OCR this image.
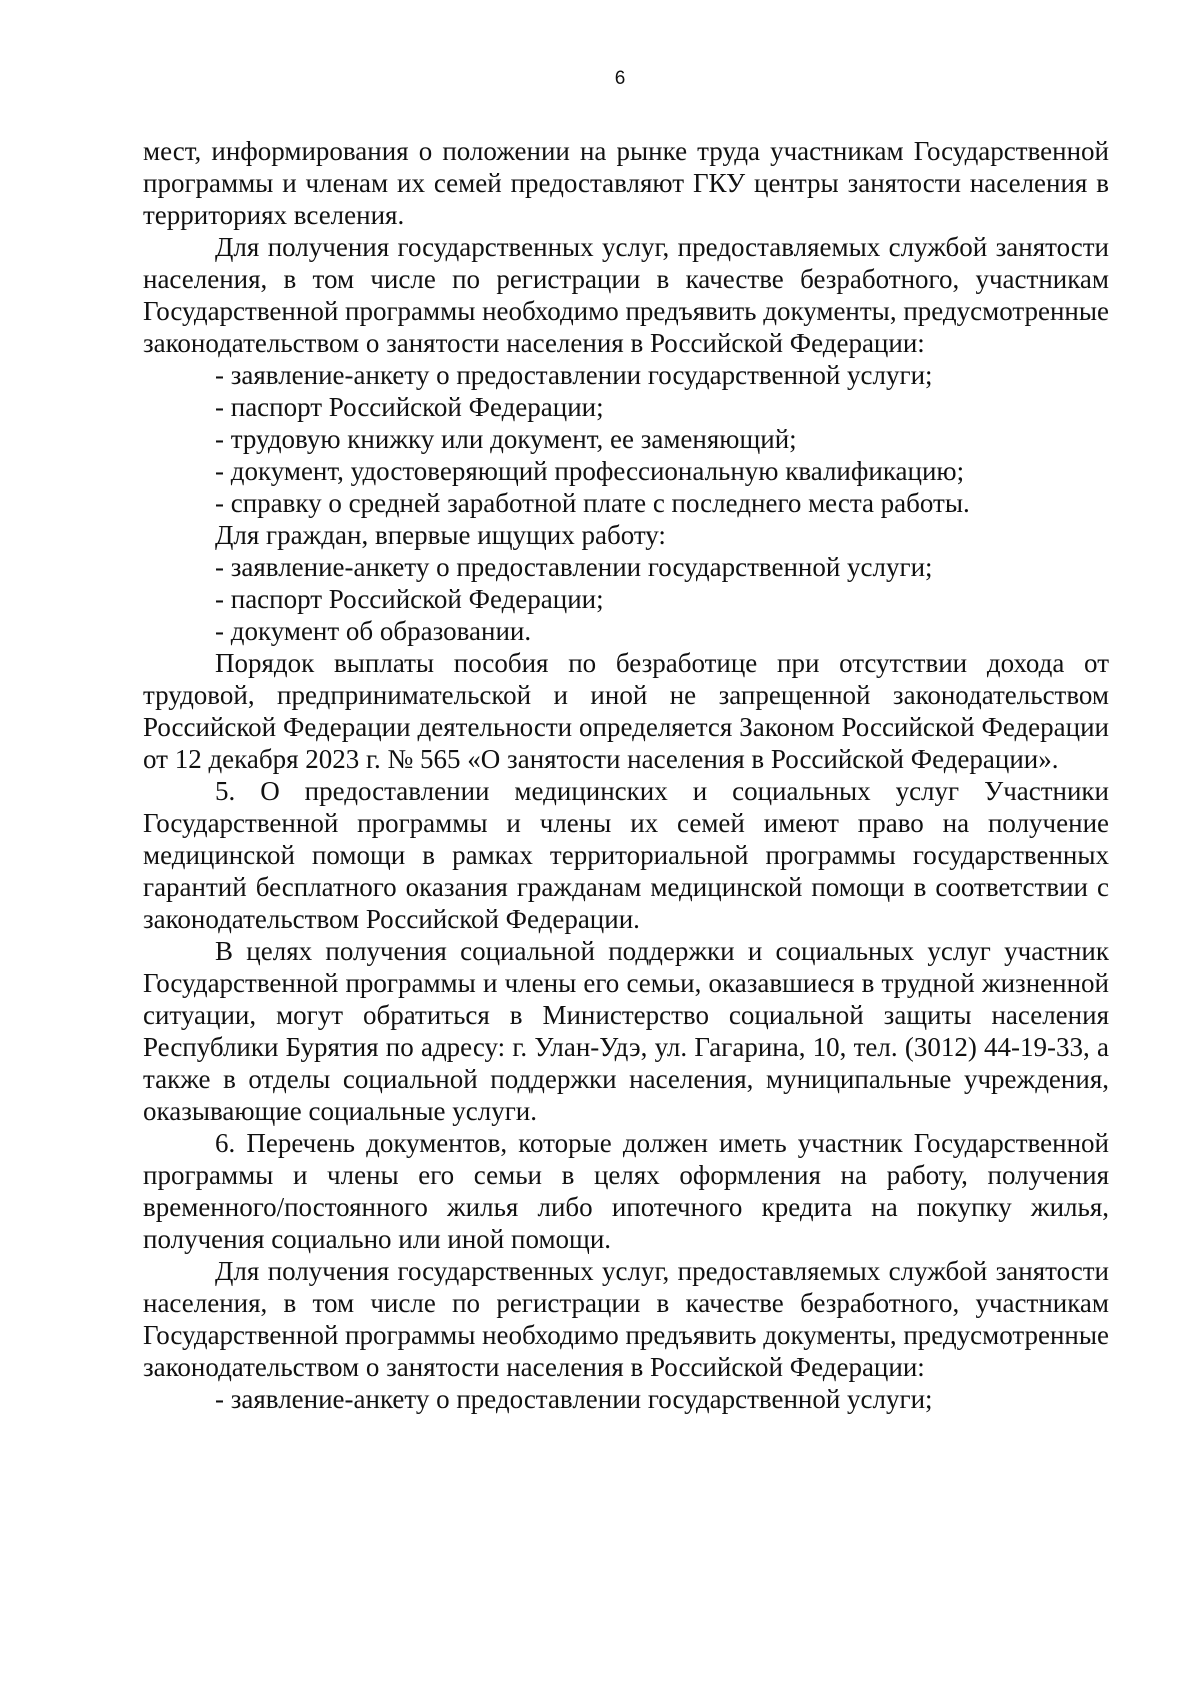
6

мест, информирования о положении на рынке труда участникам Государственной программы и членам их семей предоставляют ГКУ центры занятости населения в территориях вселения.

Для получения государственных услуг, предоставляемых службой занятости населения, в том числе по регистрации в качестве безработного, участникам Государственной программы необходимо предъявить документы, предусмотренные законодательством о занятости населения в Российской Федерации:

- заявление-анкету о предоставлении государственной услуги;

- паспорт Российской Федерации;

- трудовую книжку или документ, ее заменяющий;

- документ, удостоверяющий профессиональную квалификацию;

- справку о средней заработной плате с последнего места работы.

Для граждан, впервые ищущих работу:

- заявление-анкету о предоставлении государственной услуги;

- паспорт Российской Федерации;

- документ об образовании.

Порядок выплаты пособия по безработице при отсутствии дохода от трудовой, предпринимательской и иной не запрещенной законодательством Российской Федерации деятельности определяется Законом Российской Федерации от 12 декабря 2023 г. № 565 «О занятости населения в Российской Федерации».

5. О предоставлении медицинских и социальных услуг Участники Государственной программы и члены их семей имеют право на получение медицинской помощи в рамках территориальной программы государственных гарантий бесплатного оказания гражданам медицинской помощи в соответствии с законодательством Российской Федерации.

В целях получения социальной поддержки и социальных услуг участник Государственной программы и члены его семьи, оказавшиеся в трудной жизненной ситуации, могут обратиться в Министерство социальной защиты населения Республики Бурятия по адресу: г. Улан-Удэ, ул. Гагарина, 10, тел. (3012) 44-19-33, а также в отделы социальной поддержки населения, муниципальные учреждения, оказывающие социальные услуги.

6. Перечень документов, которые должен иметь участник Государственной программы и члены его семьи в целях оформления на работу, получения временного/постоянного жилья либо ипотечного кредита на покупку жилья, получения социально или иной помощи.

Для получения государственных услуг, предоставляемых службой занятости населения, в том числе по регистрации в качестве безработного, участникам Государственной программы необходимо предъявить документы, предусмотренные законодательством о занятости населения в Российской Федерации:

- заявление-анкету о предоставлении государственной услуги;
